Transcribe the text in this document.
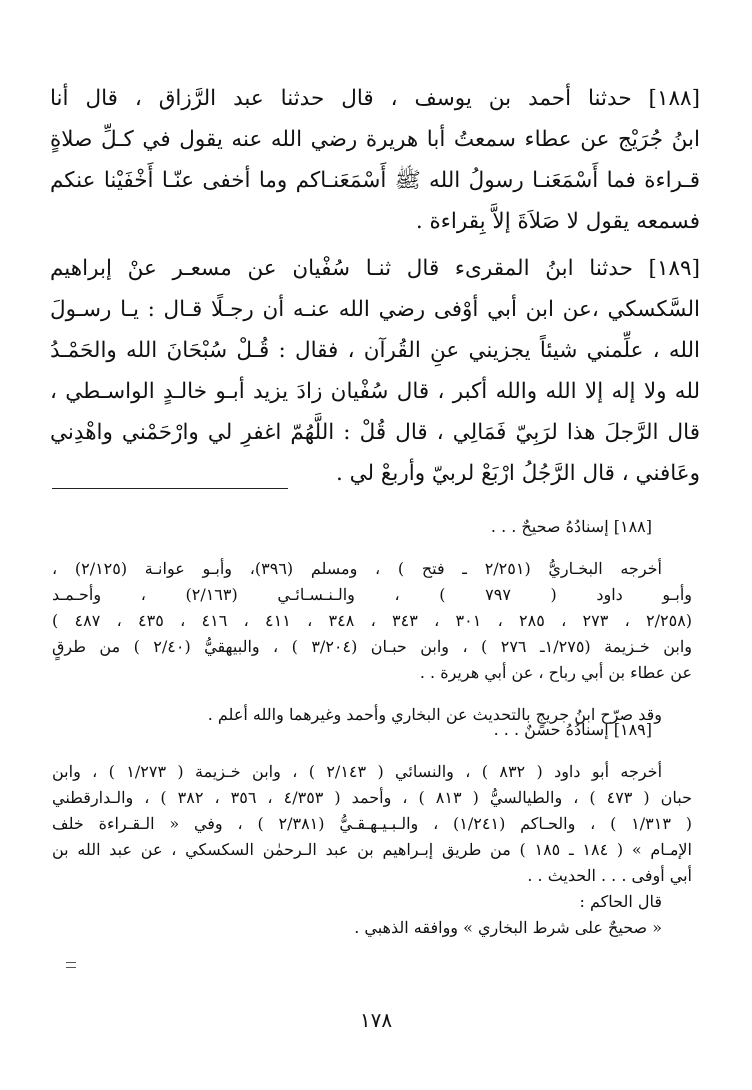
[١٨٨] حدثنا أحمد بن يوسف ، قال حدثنا عبد الرَّزاق ، قال أنا
ابنُ جُرَيْج عن عطاء سمعتُ أبا هريرة رضي الله عنه يقول في كـلِّ صلاةٍ
قـراءة فما أَسْمَعَنـا رسولُ الله ﷺ أَسْمَعَنـاكم وما أخفى عنّـا أَخْفَيْنا عنكم
فسمعه يقول لا صَلاَةَ إلاَّ بِقراءة .

[١٨٩] حدثنا ابنُ المقرىء قال ثنـا سُفْيان عن مسعـر عنْ إبراهيم
السَّكسكي ،عن ابن أبي أوْفى رضي الله عنـه أن رجـلًا قـال : يـا رسـولَ
الله ، علِّمني شيئاً يجزيني عنِ القُرآن ، فقال : قُـلْ سُبْحَانَ الله والحَمْـدُ
لله ولا إله إلا الله والله أكبر ، قال سُفْيان زادَ يزيد أبـو خالـدٍ الواسـطي ،
قال الرَّجلَ هذا لرَبِيّ فَمَالِي ، قال قُلْ : اللَّهُمّ اغفرِ لي وارْحَمْني واهْدِني
وعَافني ، قال الرَّجُلُ ارْبَعْ لربيّ وأربعْ لي .

[١٨٨] إسنادُهُ صحيحٌ . . .
أخرجه البخـاريُّ (٢/٢٥١ ـ فتح ) ، ومسلم (٣٩٦)، وأبـو عوانـة (٢/١٢٥) ،
وأبـو داود ( ٧٩٧ ) ، والـنـسـائـي (٢/١٦٣) ، وأحـمـد
(٢/٢٥٨ ، ٢٧٣ ، ٢٨٥ ، ٣٠١ ، ٣٤٣ ، ٣٤٨ ، ٤١١ ، ٤١٦ ، ٤٣٥ ، ٤٨٧ )
وابن خـزيمة (١/٢٧٥ـ ٢٧٦ ) ، وابن حبـان (٣/٢٠٤ ) ، والبيهقيُّ (٢/٤٠ ) من طرقٍ
عن عطاء بن أبي رباح ، عن أبي هريرة . .
وقد صرّح ابنُ جريجٍ بالتحديث عن البخاري وأحمد وغيرهما والله أعلم .
[١٨٩] إسنادُهُ حسنٌ . . .
أخرجه أبو داود ( ٨٣٢ ) ، والنسائي ( ٢/١٤٣ ) ، وابن خـزيمة ( ١/٢٧٣ ) ، وابن
حبان ( ٤٧٣ ) ، والطيالسيُّ ( ٨١٣ ) ، وأحمد ( ٤/٣٥٣ ، ٣٥٦ ، ٣٨٢ ) ، والـدارقطني
( ١/٣١٣ ) ، والحـاكم (١/٢٤١) ، والـبـيـهـقـيُّ (٢/٣٨١ ) ، وفي « الـقـراءة خلف
الإمـام » ( ١٨٤ ـ ١٨٥ ) من طريق إبـراهيم بن عبد الـرحمٰن السكسكي ، عن عبد الله بن
أبي أوفى . . . الحديث . .
قال الحاكم :
« صحيحٌ على شرط البخاري » ووافقه الذهبي .
١٧٨
